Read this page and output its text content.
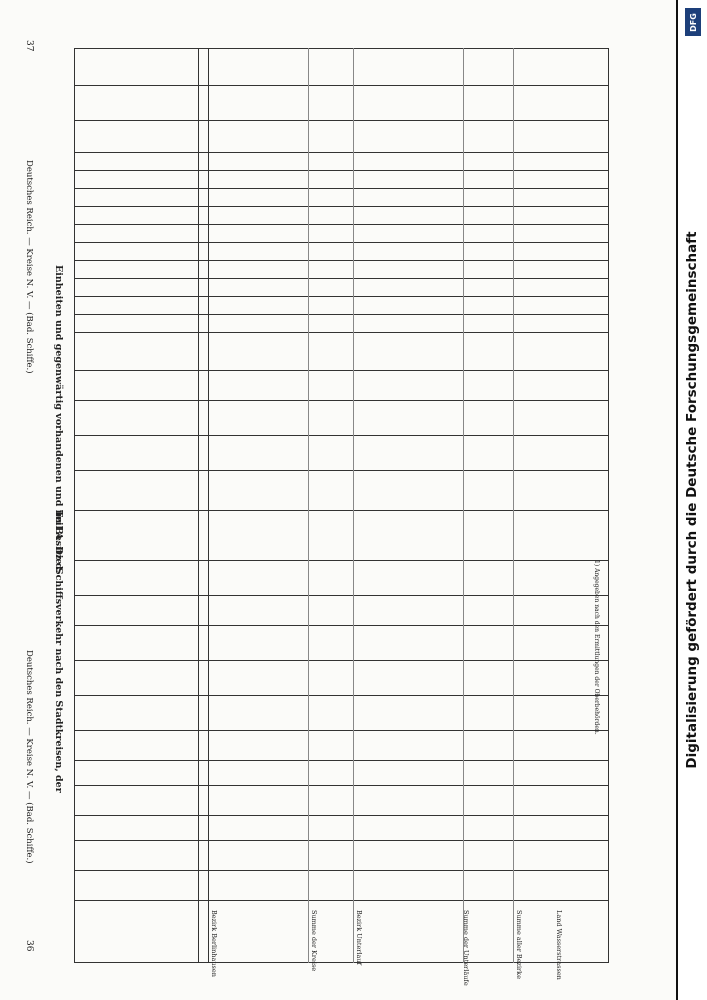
DFG
Digitalisierung gefördert durch die Deutsche Forschungsgemeinschaft
36
Deutsches Reich. — Kreise N. V. — (Bad. Schiffe.)
37
Deutsches Reich. — Kreise N. V. — (Bad. Schiffe.)
Teil A. Die Schiffsverkehr nach den Stadtkreisen, der
Einheiten und gegenwärtig vorhandenen und im Besitz d.
Bezirk Berlinhausen	Summe der Kreise	Bezirk Unterlauf	Summe der Unterläufe	Summe aller Bezirke	Land Wasserstrassen
1) Angegeben nach den Ermittlungen der Oberbehörden.
